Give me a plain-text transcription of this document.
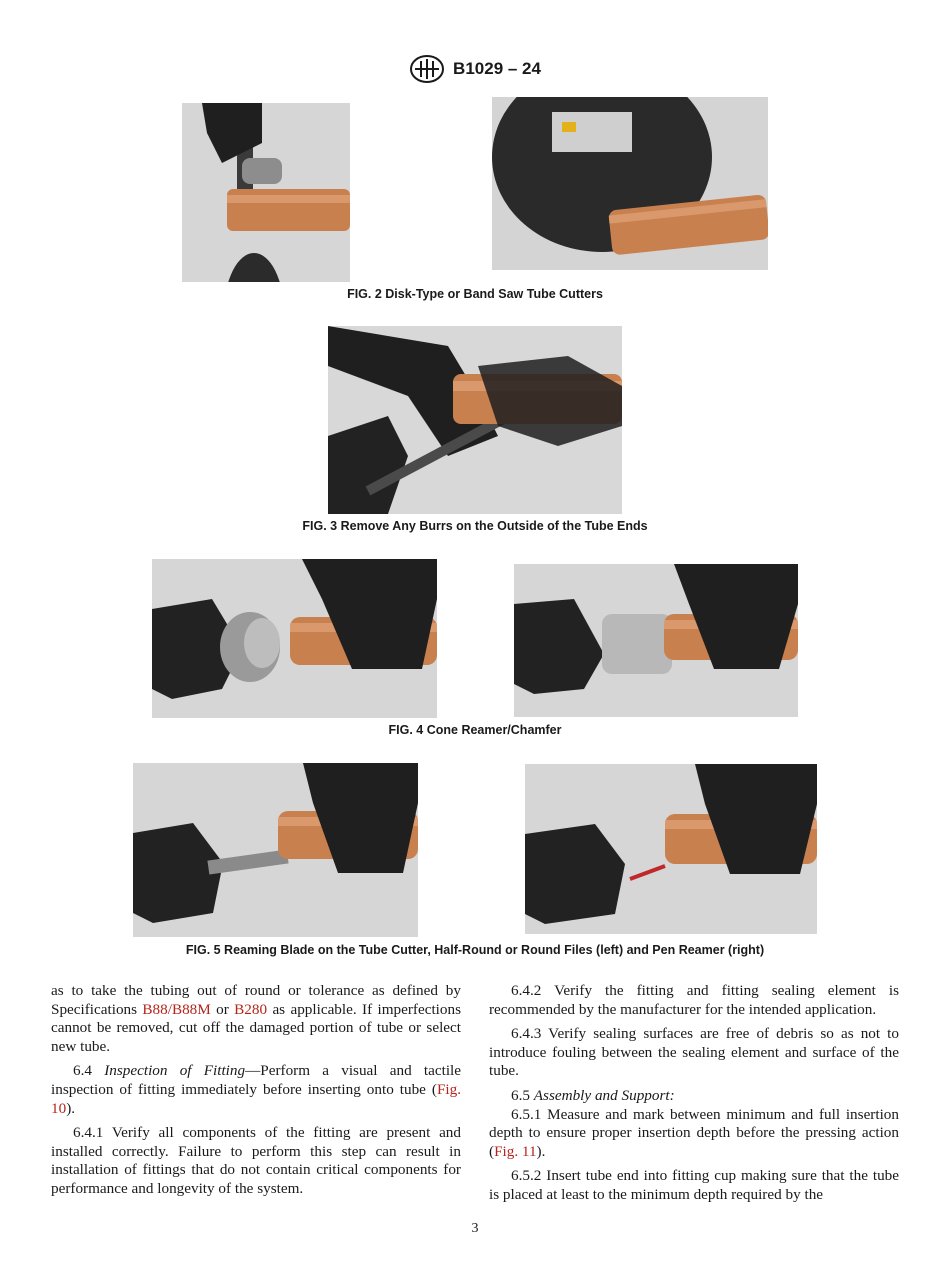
B1029 – 24
FIG. 2 Disk-Type or Band Saw Tube Cutters
FIG. 3 Remove Any Burrs on the Outside of the Tube Ends
FIG. 4 Cone Reamer/Chamfer
FIG. 5 Reaming Blade on the Tube Cutter, Half-Round or Round Files (left) and Pen Reamer (right)

as to take the tubing out of round or tolerance as defined by Specifications B88/B88M or B280 as applicable. If imperfections cannot be removed, cut off the damaged portion of tube or select new tube.

6.4 Inspection of Fitting—Perform a visual and tactile inspection of fitting immediately before inserting onto tube (Fig. 10).

6.4.1 Verify all components of the fitting are present and installed correctly. Failure to perform this step can result in installation of fittings that do not contain critical components for performance and longevity of the system.

6.4.2 Verify the fitting and fitting sealing element is recommended by the manufacturer for the intended application.

6.4.3 Verify sealing surfaces are free of debris so as not to introduce fouling between the sealing element and surface of the tube.

6.5 Assembly and Support:

6.5.1 Measure and mark between minimum and full insertion depth to ensure proper insertion depth before the pressing action (Fig. 11).

6.5.2 Insert tube end into fitting cup making sure that the tube is placed at least to the minimum depth required by the

3
